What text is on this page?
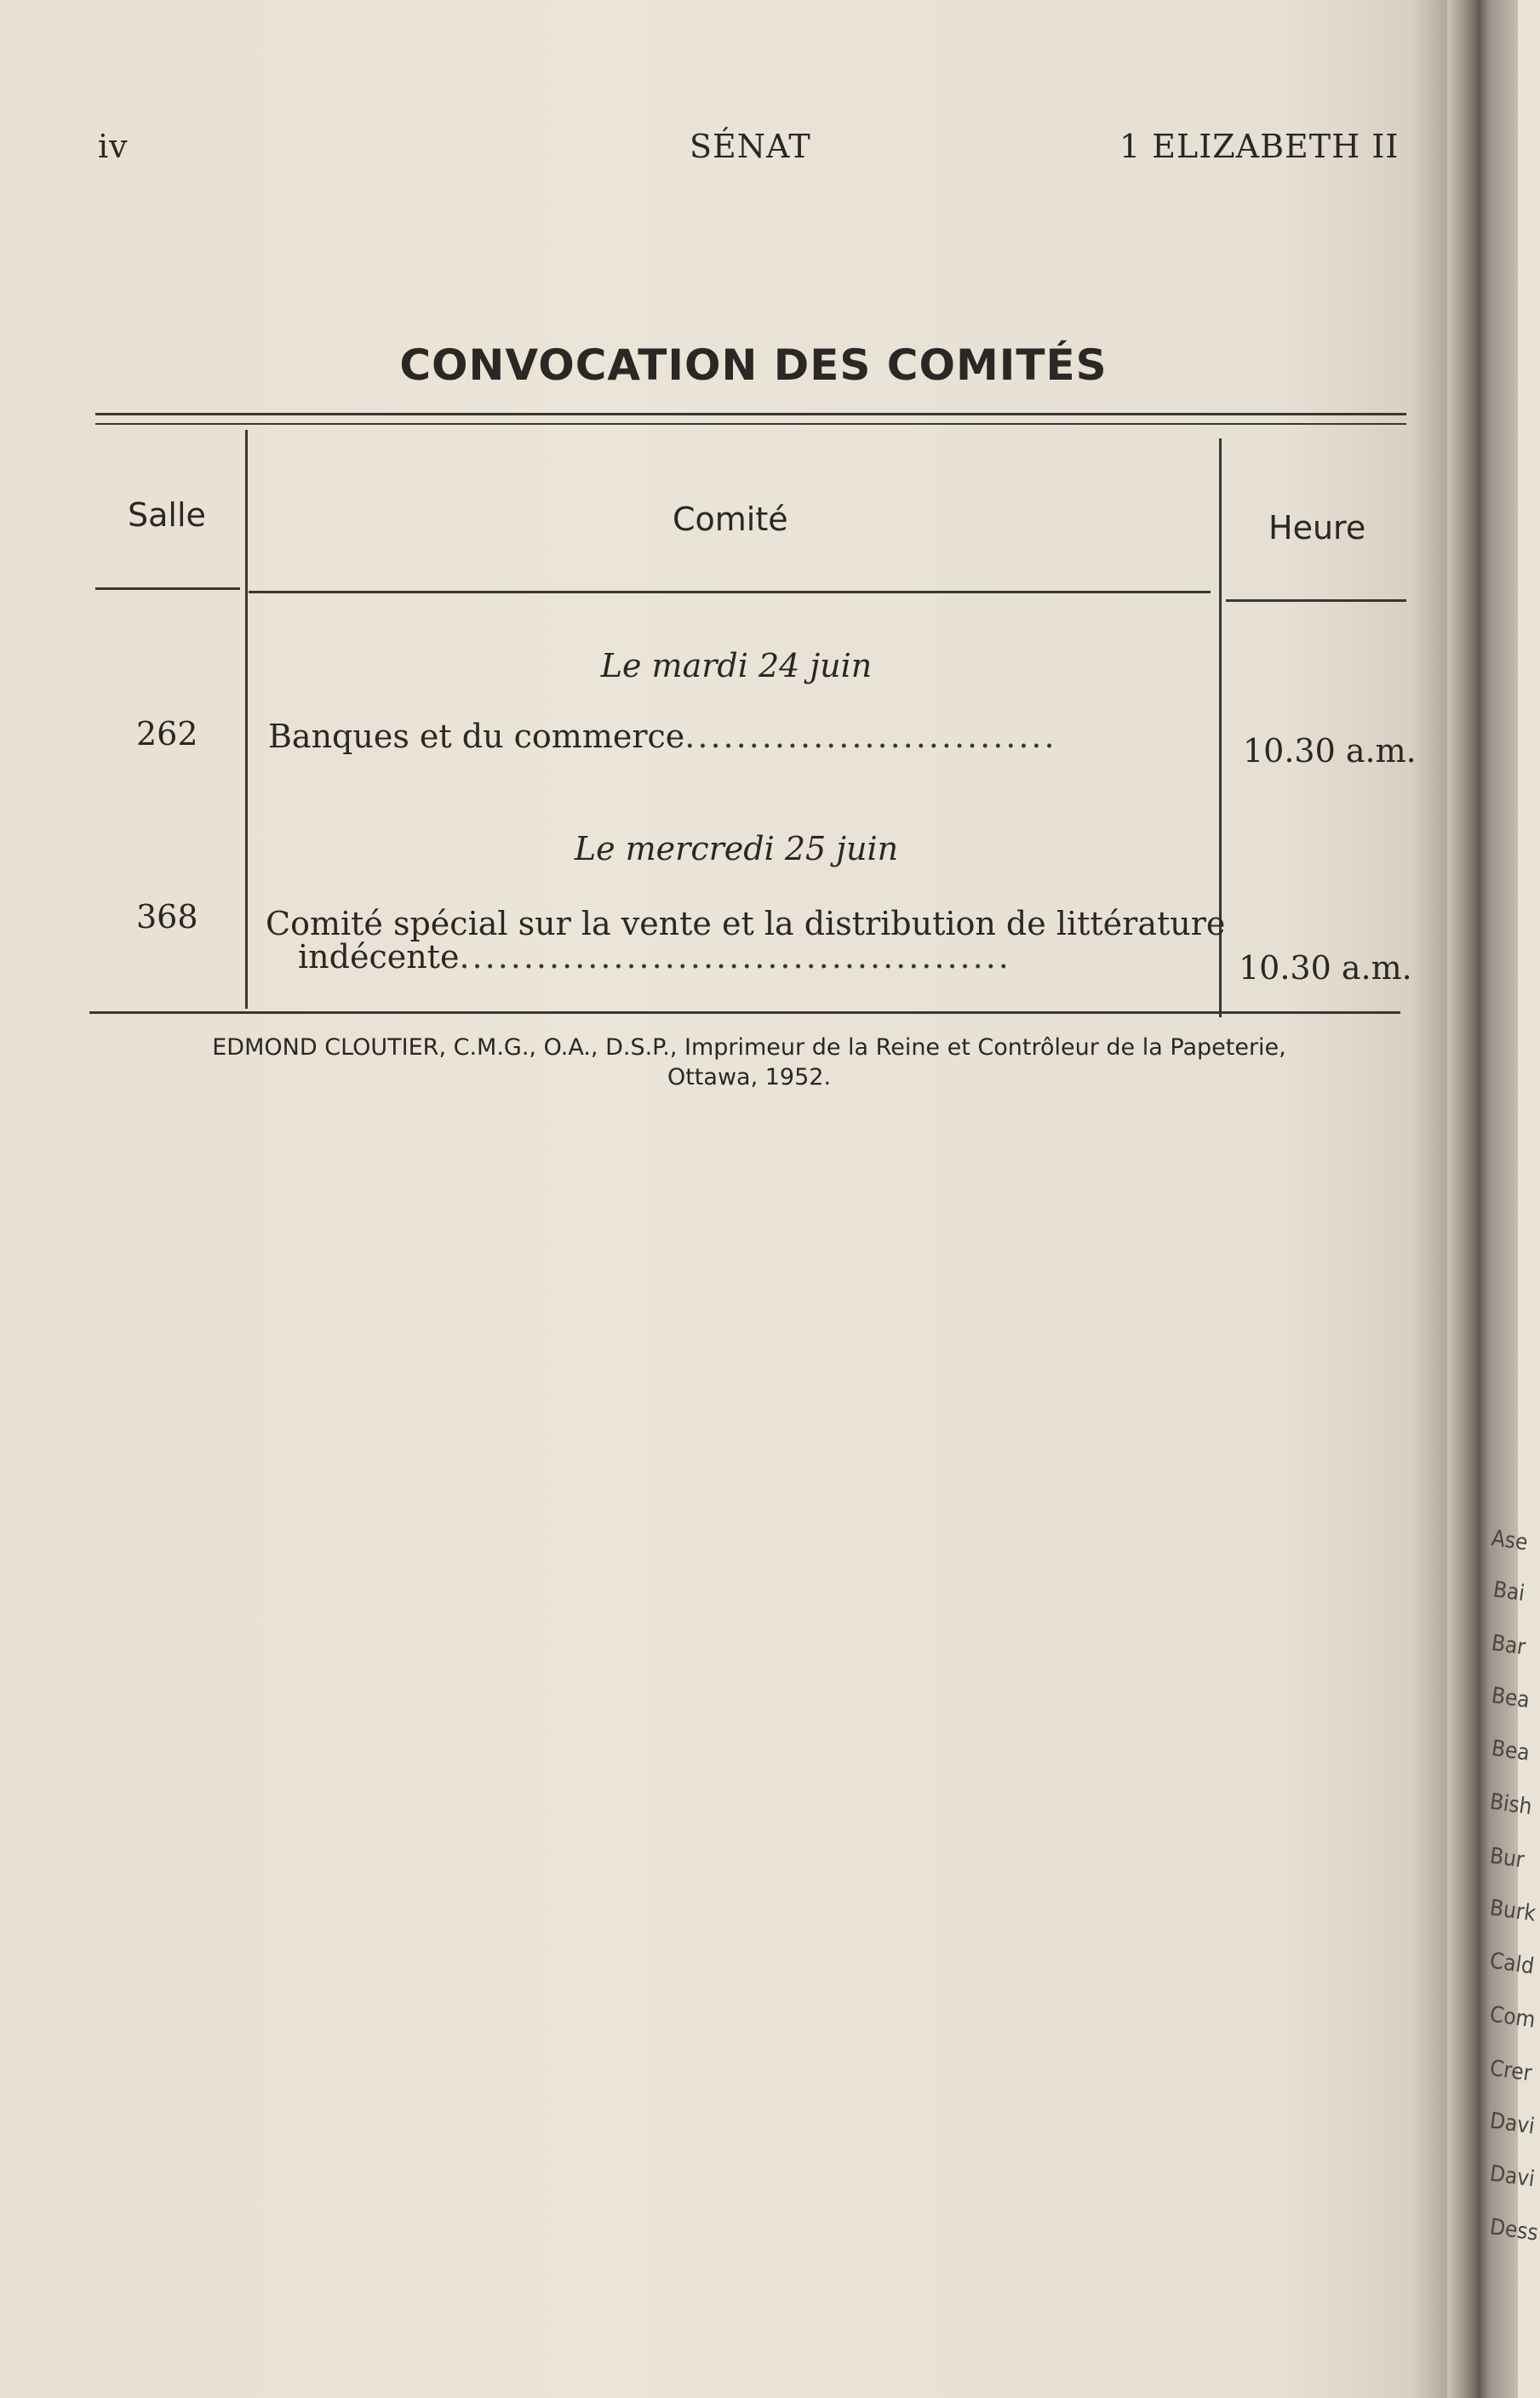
iv	SÉNAT	1 ELIZABETH II
CONVOCATION DES COMITÉS
Salle	Comité	Heure
Le mardi 24 juin
262 Banques et du commerce.............................	10.30 a.m.
Le mercredi 25 juin
368 Comité spécial sur la vente et la distribution de littérature
indécente...........................................	10.30 a.m.
EDMOND CLOUTIER, C.M.G., O.A., D.S.P., Imprimeur de la Reine et Contrôleur de la Papeterie,
Ottawa, 1952.
Ase
Bai
Bar
Bea
Bea
Bish
Bur
Burk
Cald
Com
Crer
Davi
Davi
Dess
